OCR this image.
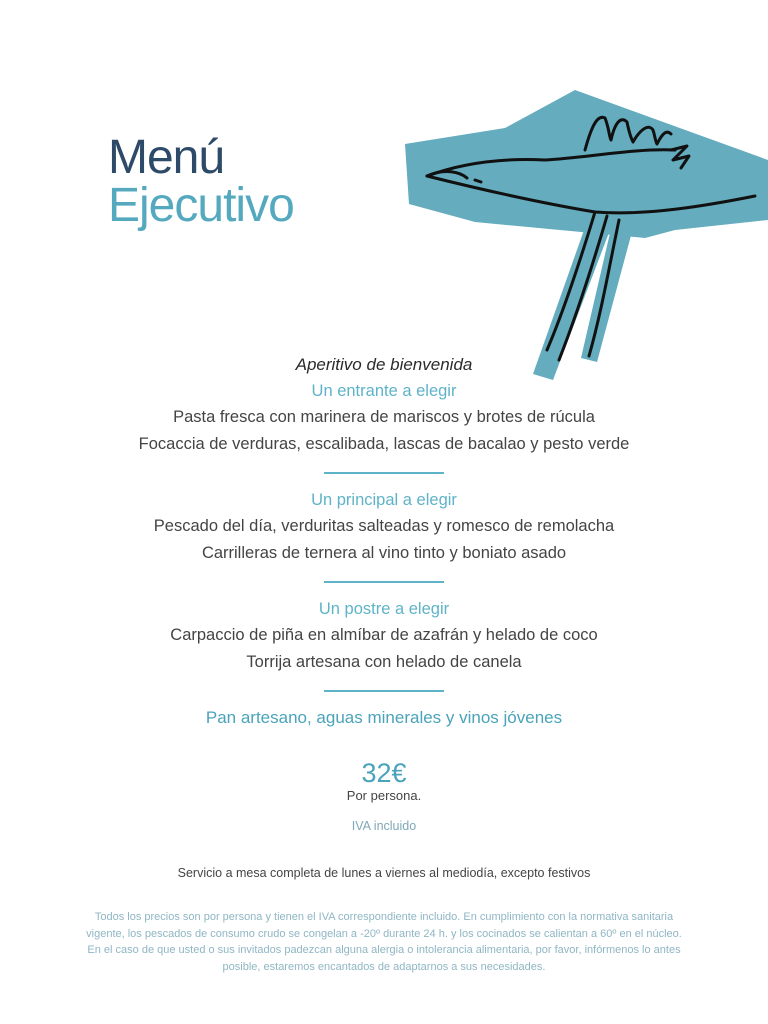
Menú
Ejecutivo

Aperitivo de bienvenida

Un entrante a elegir

Pasta fresca con marinera de mariscos y brotes de rúcula

Focaccia de verduras, escalibada, lascas de bacalao y pesto verde

Un principal a elegir

Pescado del día, verduritas salteadas y romesco de remolacha

Carrilleras de ternera al vino tinto y boniato asado

Un postre a elegir

Carpaccio de piña en almíbar de azafrán y helado de coco

Torrija artesana con helado de canela

Pan artesano, aguas minerales y vinos jóvenes

32€

Por persona.

IVA incluido

Servicio a mesa completa de lunes a viernes al mediodía, excepto festivos

Todos los precios son por persona y tienen el IVA correspondiente incluido. En cumplimiento con la normativa sanitaria
vigente, los pescados de consumo crudo se congelan a -20º durante 24 h. y los cocinados se calientan a 60º en el núcleo.
En el caso de que usted o sus invitados padezcan alguna alergia o intolerancia alimentaria, por favor, infórmenos lo antes
posible, estaremos encantados de adaptarnos a sus necesidades.
